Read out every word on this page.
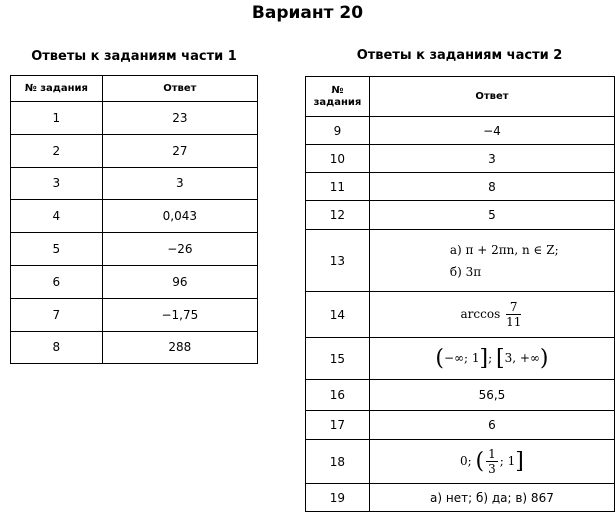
Вариант 20
Ответы к заданиям части 1	Ответы к заданиям части 2
№ задания	Ответ
1	23
2	27
3	3
4	0,043
5	−26
6	96
7	−1,75
8	288
№
задания	Ответ
9	−4
10	3
11	8
12	5
13	а) π + 2πn, n ∈ Z;
б) 3π

14	$\arccos \frac{7}{11}$

15	(−∞; 1]; [3, +∞)
16	56,5
17	6
18	0; ( $\frac{1}{3}$ ; 1]
19	а) нет; б) да; в) 867
